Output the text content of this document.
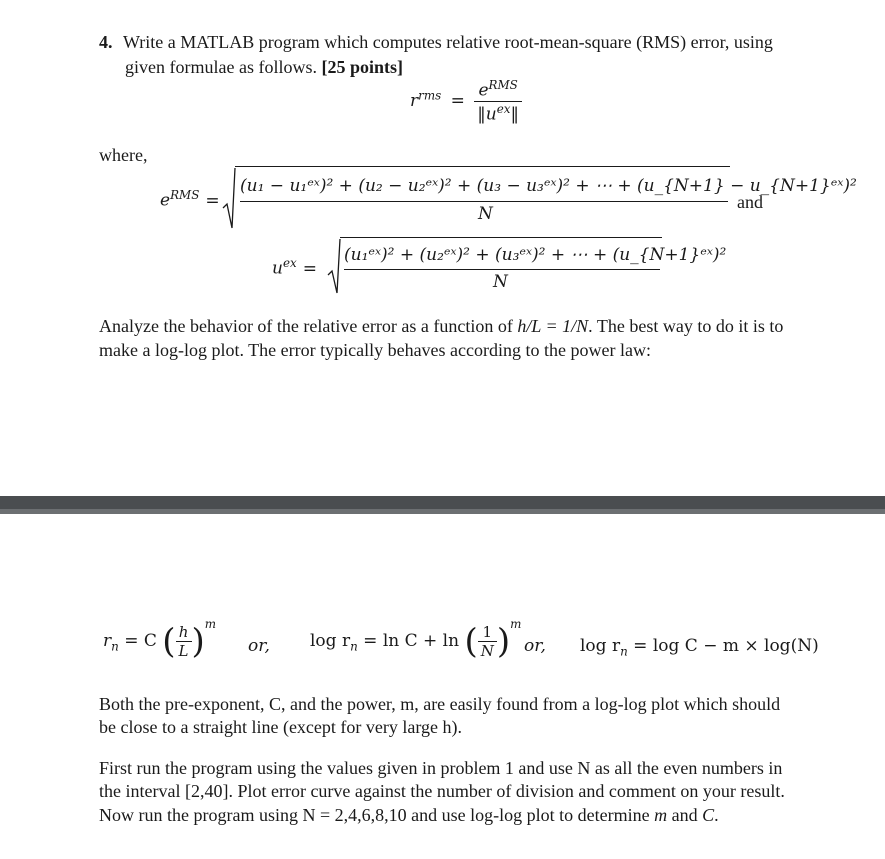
4. Write a MATLAB program which computes relative root-mean-square (RMS) error, using
given formulae as follows. [25 points]
$r^{rms} = \frac{e^{RMS}}{‖u^{ex}‖}$
where,
$e^{RMS}$ =
(u₁ − u₁ᵉˣ)² + (u₂ − u₂ᵉˣ)² + (u₃ − u₃ᵉˣ)² + ⋯ + (u_{N+1} − u_{N+1}ᵉˣ)²
N
and
$u^{ex}$ =
(u₁ᵉˣ)² + (u₂ᵉˣ)² + (u₃ᵉˣ)² + ⋯ + (u_{N+1}ᵉˣ)²
N
Analyze the behavior of the relative error as a function of h/L = 1/N. The best way to do it is to
make a log-log plot. The error typically behaves according to the power law:
$r_n = C$ ( $\frac{h}{L} )^m$
or, $\log r_n = \ln C + \ln$ ( $\frac{1}{N} )^m$
or, $\log r_n = \log C - m \times \log(N)$
Both the pre-exponent, C, and the power, m, are easily found from a log-log plot which should
be close to a straight line (except for very large h).
First run the program using the values given in problem 1 and use N as all the even numbers in
the interval [2,40]. Plot error curve against the number of division and comment on your result.
Now run the program using N = 2,4,6,8,10 and use log-log plot to determine m and C.
